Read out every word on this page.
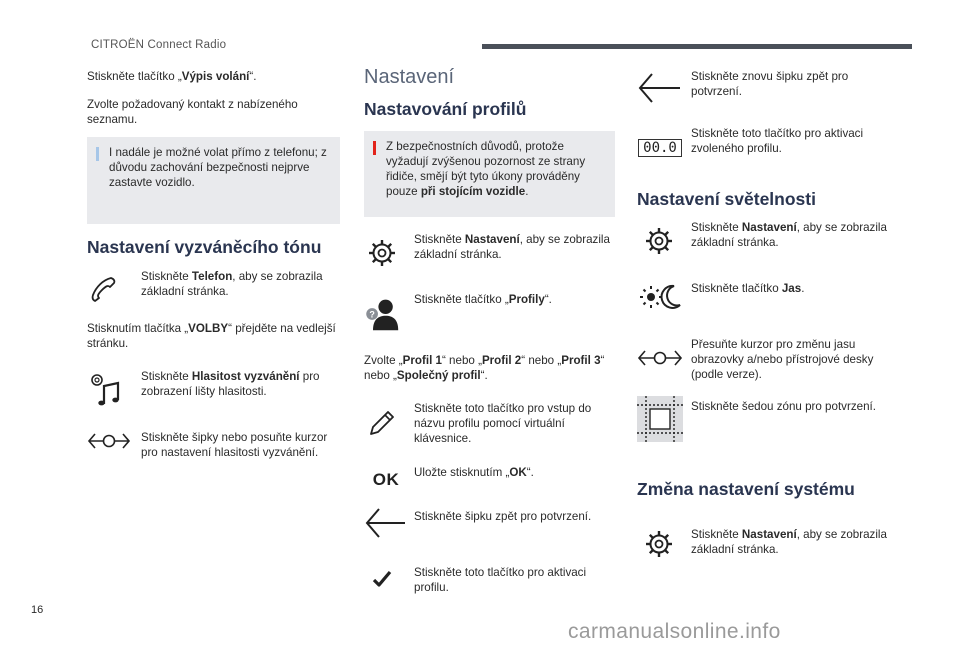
CITROËN Connect Radio
Stiskněte tlačítko „Výpis volání“.
Zvolte požadovaný kontakt z nabízeného seznamu.
I nadále je možné volat přímo z telefonu; z důvodu zachování bezpečnosti nejprve zastavte vozidlo.
Nastavení vyzváněcího tónu
Stiskněte Telefon, aby se zobrazila základní stránka.
Stisknutím tlačítka „VOLBY“ přejděte na vedlejší stránku.
Stiskněte Hlasitost vyzvánění pro zobrazení lišty hlasitosti.
Stiskněte šipky nebo posuňte kurzor pro nastavení hlasitosti vyzvánění.
Nastavení
Nastavování profilů
Z bezpečnostních důvodů, protože vyžadují zvýšenou pozornost ze strany řidiče, smějí být tyto úkony prováděny pouze při stojícím vozidle.
Stiskněte Nastavení, aby se zobrazila základní stránka.
?
Stiskněte tlačítko „Profily“.
Zvolte „Profil 1“ nebo „Profil 2“ nebo „Profil 3“ nebo „Společný profil“.
Stiskněte toto tlačítko pro vstup do názvu profilu pomocí virtuální klávesnice.
OK Uložte stisknutím „OK“.
Stiskněte šipku zpět pro potvrzení.
Stiskněte toto tlačítko pro aktivaci profilu.
Stiskněte znovu šipku zpět pro potvrzení.
00.0
Stiskněte toto tlačítko pro aktivaci zvoleného profilu.
Nastavení světelnosti
Stiskněte Nastavení, aby se zobrazila základní stránka.
Stiskněte tlačítko Jas.
Přesuňte kurzor pro změnu jasu obrazovky a/nebo přístrojové desky (podle verze).
Stiskněte šedou zónu pro potvrzení.
Změna nastavení systému
Stiskněte Nastavení, aby se zobrazila základní stránka.
16
carmanualsonline.info
